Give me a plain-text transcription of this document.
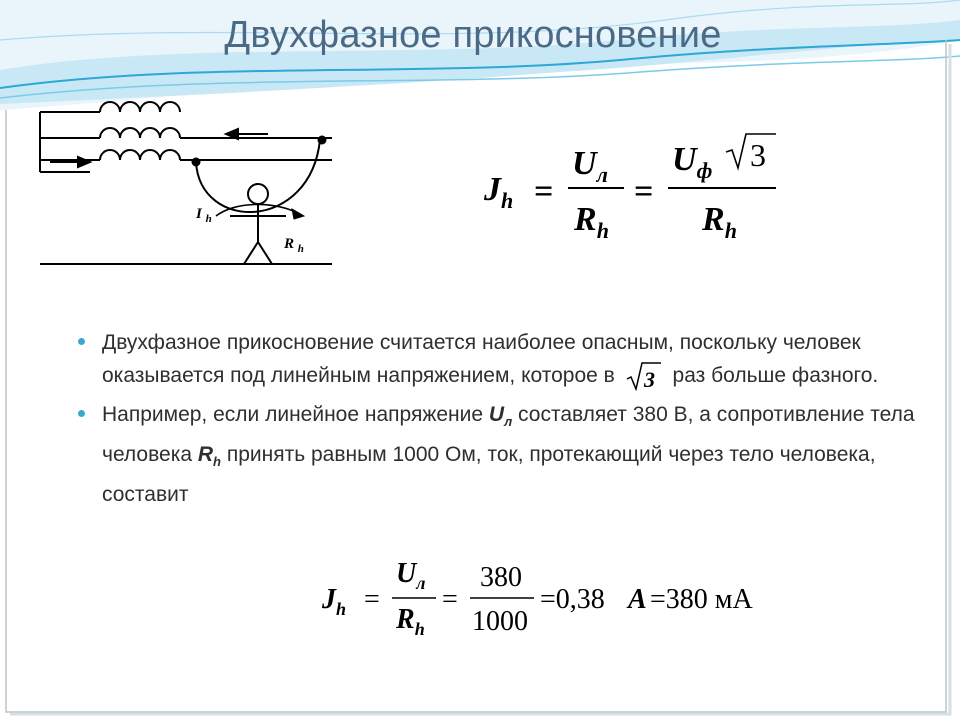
Двухфазное прикосновение
I $_h$
R $_h$
$J_h$ =
$U_л$
$R_h$
=
$U_ф$ 3
$R_h$
Двухфазное прикосновение считается наиболее опасным, поскольку человек оказывается под линейным напряжением, которое в 3 раз больше фазного.
Например, если линейное напряжение $U_л$ составляет 380 В, а сопротивление тела человека $R_h$ принять равным 1000 Ом, ток, протекающий через тело человека, составит
$J_h$ =
$U_л$
$R_h$
=
380
1000
=0,38 A =380 мА
